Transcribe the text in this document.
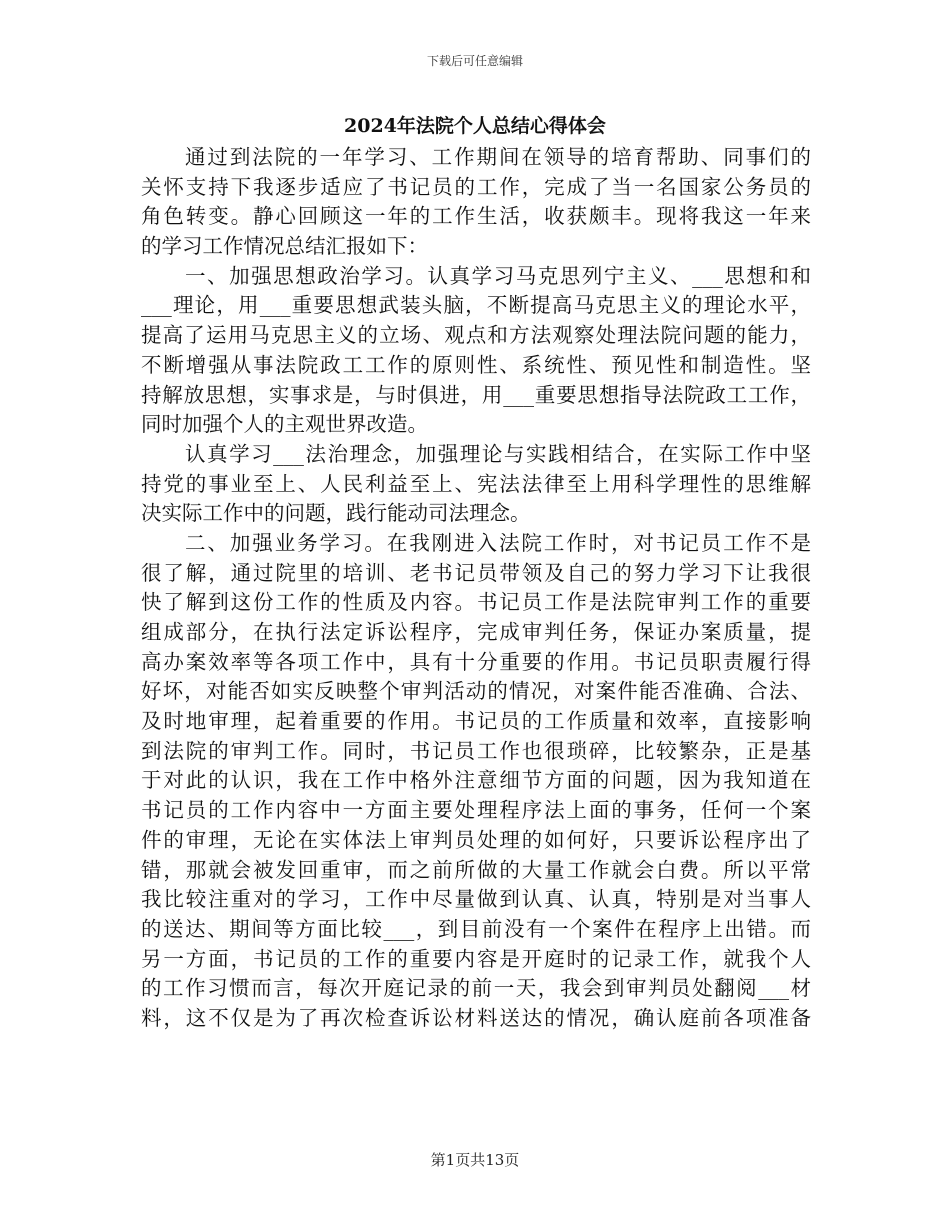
下载后可任意编辑
2024年法院个人总结心得体会
通过到法院的一年学习、工作期间在领导的培育帮助、同事们的
关怀支持下我逐步适应了书记员的工作，完成了当一名国家公务员的
角色转变。静心回顾这一年的工作生活，收获颇丰。现将我这一年来
的学习工作情况总结汇报如下：
一、加强思想政治学习。认真学习马克思列宁主义、___思想和和
___理论，用___重要思想武装头脑，不断提高马克思主义的理论水平，
提高了运用马克思主义的立场、观点和方法观察处理法院问题的能力，
不断增强从事法院政工工作的原则性、系统性、预见性和制造性。坚
持解放思想，实事求是，与时俱进，用___重要思想指导法院政工工作，
同时加强个人的主观世界改造。
认真学习___法治理念，加强理论与实践相结合，在实际工作中坚
持党的事业至上、人民利益至上、宪法法律至上用科学理性的思维解
决实际工作中的问题，践行能动司法理念。
二、加强业务学习。在我刚进入法院工作时，对书记员工作不是
很了解，通过院里的培训、老书记员带领及自己的努力学习下让我很
快了解到这份工作的性质及内容。书记员工作是法院审判工作的重要
组成部分，在执行法定诉讼程序，完成审判任务，保证办案质量，提
高办案效率等各项工作中，具有十分重要的作用。书记员职责履行得
好坏，对能否如实反映整个审判活动的情况，对案件能否准确、合法、
及时地审理，起着重要的作用。书记员的工作质量和效率，直接影响
到法院的审判工作。同时，书记员工作也很琐碎，比较繁杂，正是基
于对此的认识，我在工作中格外注意细节方面的问题，因为我知道在
书记员的工作内容中一方面主要处理程序法上面的事务，任何一个案
件的审理，无论在实体法上审判员处理的如何好，只要诉讼程序出了
错，那就会被发回重审，而之前所做的大量工作就会白费。所以平常
我比较注重对的学习，工作中尽量做到认真、认真，特别是对当事人
的送达、期间等方面比较___，到目前没有一个案件在程序上出错。而
另一方面，书记员的工作的重要内容是开庭时的记录工作，就我个人
的工作习惯而言，每次开庭记录的前一天，我会到审判员处翻阅___材
料，这不仅是为了再次检查诉讼材料送达的情况，确认庭前各项准备
第1页共13页
